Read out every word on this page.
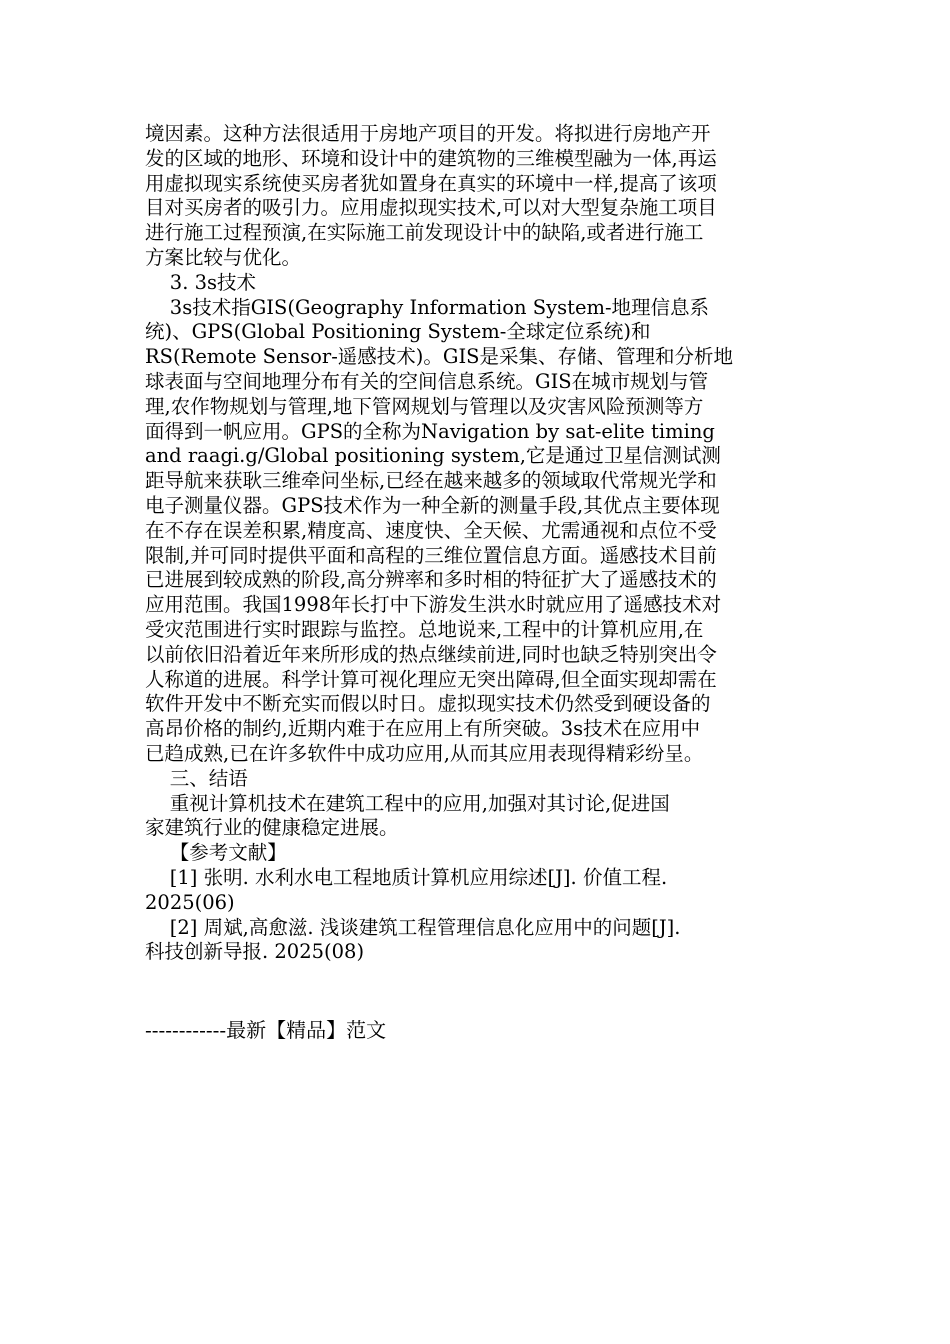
境因素。这种方法很适用于房地产项目的开发。将拟进行房地产开
发的区域的地形、环境和设计中的建筑物的三维模型融为一体,再运
用虚拟现实系统使买房者犹如置身在真实的环境中一样,提高了该项
目对买房者的吸引力。应用虚拟现实技术,可以对大型复杂施工项目
进行施工过程预演,在实际施工前发现设计中的缺陷,或者进行施工
方案比较与优化。
3. 3s技术
3s技术指GIS(Geography Information System-地理信息系
统)、GPS(Global Positioning System-全球定位系统)和
RS(Remote Sensor-遥感技术)。GIS是采集、存储、管理和分析地
球表面与空间地理分布有关的空间信息系统。GIS在城市规划与管
理,农作物规划与管理,地下管网规划与管理以及灾害风险预测等方
面得到一帆应用。GPS的全称为Navigation by sat-elite timing
and raagi.g/Global positioning system,它是通过卫星信测试测
距导航来获耿三维牵问坐标,已经在越来越多的领域取代常规光学和
电子测量仪器。GPS技术作为一种全新的测量手段,其优点主要体现
在不存在误差积累,精度高、速度快、全天候、尤需通视和点位不受
限制,并可同时提供平面和高程的三维位置信息方面。遥感技术目前
已进展到较成熟的阶段,高分辨率和多时相的特征扩大了遥感技术的
应用范围。我国1998年长打中下游发生洪水时就应用了遥感技术对
受灾范围进行实时跟踪与监控。总地说来,工程中的计算机应用,在
以前依旧沿着近年来所形成的热点继续前进,同时也缺乏特别突出令
人称道的进展。科学计算可视化理应无突出障碍,但全面实现却需在
软件开发中不断充实而假以时日。虚拟现实技术仍然受到硬设备的
高昂价格的制约,近期内难于在应用上有所突破。3s技术在应用中
已趋成熟,已在许多软件中成功应用,从而其应用表现得精彩纷呈。
三、结语
重视计算机技术在建筑工程中的应用,加强对其讨论,促进国
家建筑行业的健康稳定进展。
【参考文献】
[1] 张明. 水利水电工程地质计算机应用综述[J]. 价值工程.
2025(06)
[2] 周斌,高愈滋. 浅谈建筑工程管理信息化应用中的问题[J].
科技创新导报. 2025(08)
------------最新【精品】范文
